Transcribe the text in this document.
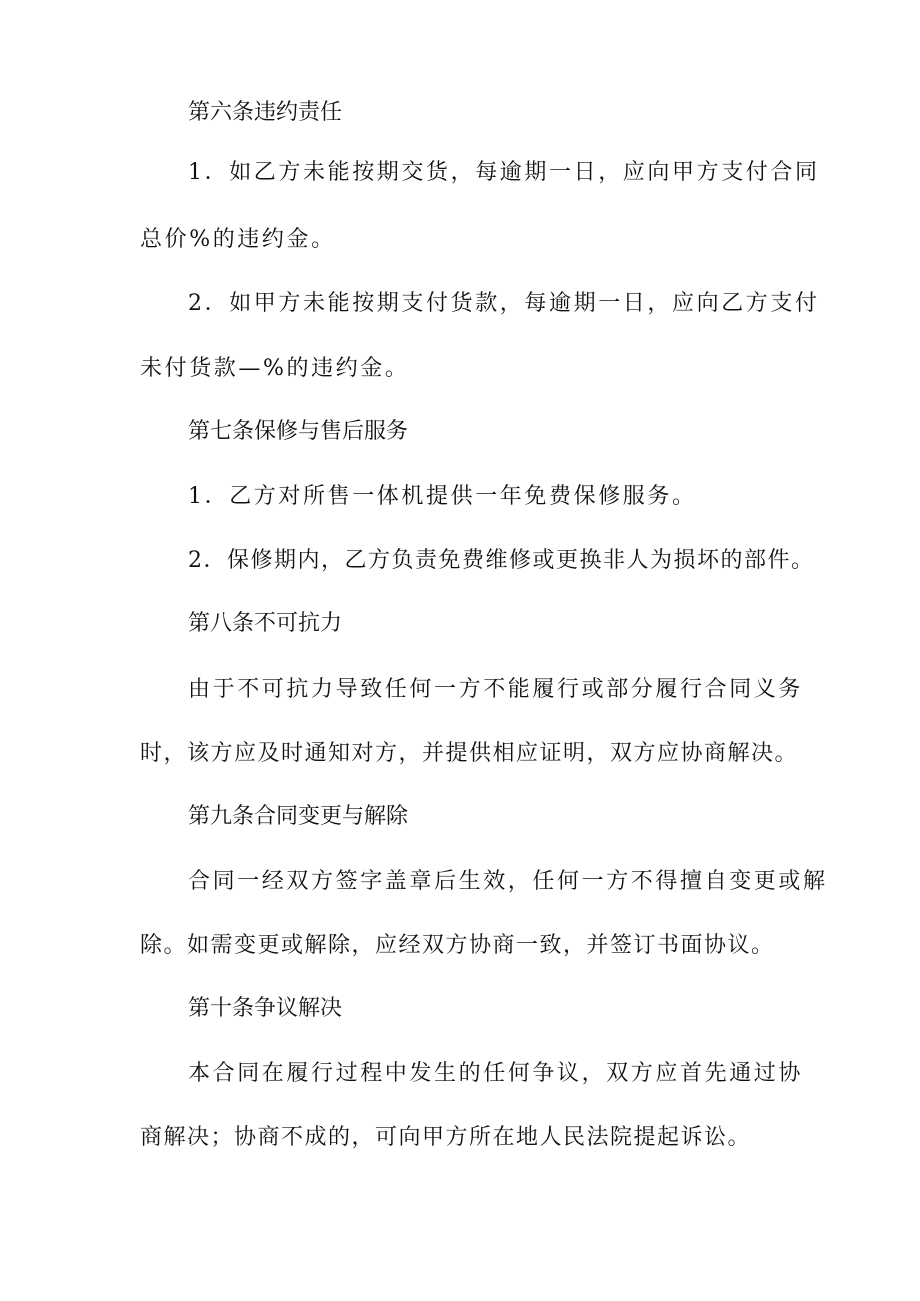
第六条违约责任
1．如乙方未能按期交货，每逾期一日，应向甲方支付合同
总价%的违约金。
2．如甲方未能按期支付货款，每逾期一日，应向乙方支付
未付货款—%的违约金。
第七条保修与售后服务
1．乙方对所售一体机提供一年免费保修服务。
2．保修期内，乙方负责免费维修或更换非人为损坏的部件。
第八条不可抗力
由于不可抗力导致任何一方不能履行或部分履行合同义务
时，该方应及时通知对方，并提供相应证明，双方应协商解决。
第九条合同变更与解除
合同一经双方签字盖章后生效，任何一方不得擅自变更或解
除。如需变更或解除，应经双方协商一致，并签订书面协议。
第十条争议解决
本合同在履行过程中发生的任何争议，双方应首先通过协
商解决；协商不成的，可向甲方所在地人民法院提起诉讼。
